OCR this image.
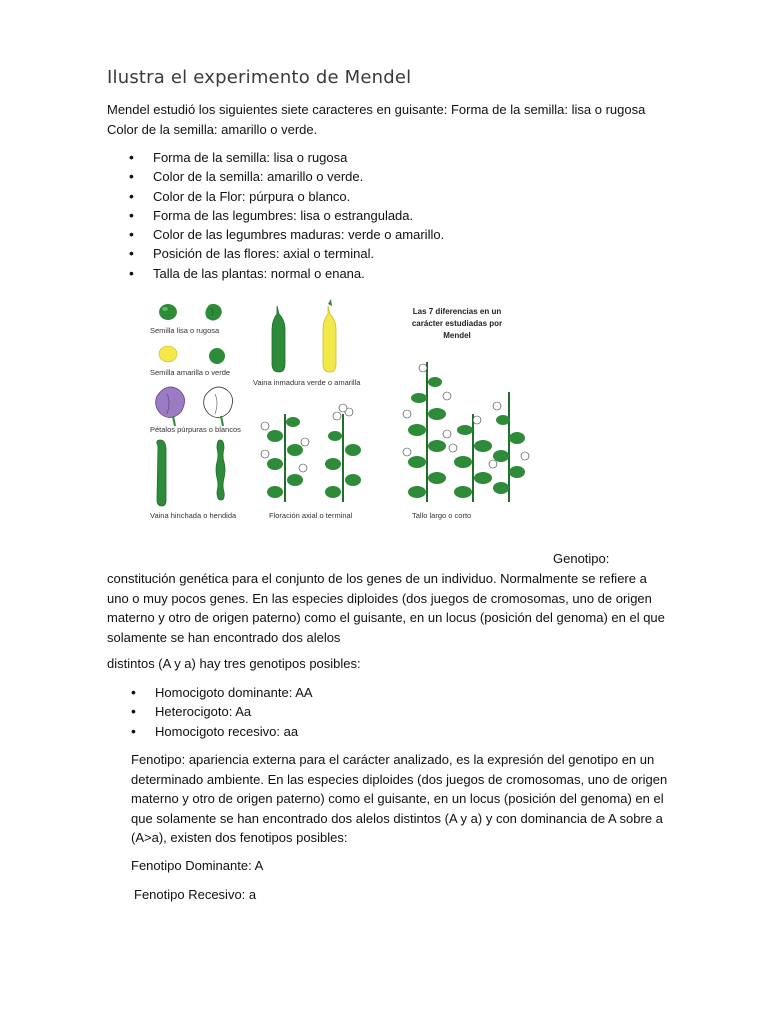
Ilustra el experimento de Mendel
Mendel estudió los siguientes siete caracteres en guisante: Forma de la semilla: lisa o rugosa Color de la semilla: amarillo o verde.
• Forma de la semilla: lisa o rugosa
• Color de la semilla: amarillo o verde.
• Color de la Flor: púrpura o blanco.
• Forma de las legumbres: lisa o estrangulada.
• Color de las legumbres maduras: verde o amarillo.
• Posición de las flores: axial o terminal.
• Talla de las plantas: normal o enana.
Semilla lisa o rugosa
Semilla amarilla o verde
Pétalos púrpuras o blancos
Vaina hinchada o hendida
Vaina inmadura verde o amarilla
Floración axial o terminal
Las 7 diferencias en un
carácter estudiadas por
Mendel
Tallo largo o corto
Genotipo:
constitución genética para el conjunto de los genes de un individuo. Normalmente se refiere a uno o muy pocos genes. En las especies diploides (dos juegos de cromosomas, uno de origen materno y otro de origen paterno) como el guisante, en un locus (posición del genoma) en el que solamente se han encontrado dos alelos
distintos (A y a) hay tres genotipos posibles:
• Homocigoto dominante: AA
• Heterocigoto: Aa
• Homocigoto recesivo: aa
Fenotipo: apariencia externa para el carácter analizado, es la expresión del genotipo en un determinado ambiente. En las especies diploides (dos juegos de cromosomas, uno de origen materno y otro de origen paterno) como el guisante, en un locus (posición del genoma) en el que solamente se han encontrado dos alelos distintos (A y a) y con dominancia de A sobre a (A>a), existen dos fenotipos posibles:
Fenotipo Dominante: A
Fenotipo Recesivo: a
